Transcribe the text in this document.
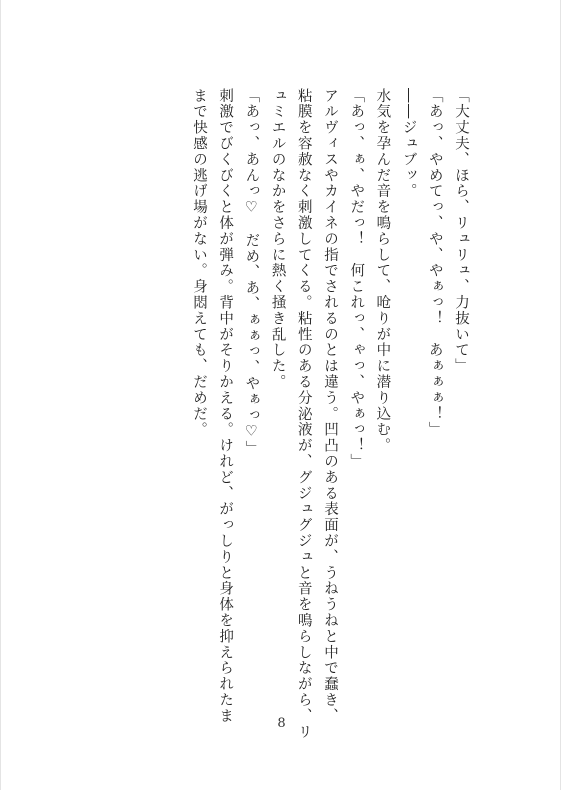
「大丈夫、ほら、リュリュ、力抜いて」
「あっ、やめてっ、や、やぁっ！　あぁぁぁ！」
――ジュブッ。
水気を孕んだ音を鳴らして、呛りが中に潜り込む。
「あっ、ぁ、やだっ！　何これっ、ゃっ、やぁっ！」
アルヴィスやカイネの指でされるのとは違う。凹凸のある表面が、うねうねと中で蠢き、
粘膜を容赦なく刺激してくる。粘性のある分泌液が、グジュグジュと音を鳴らしながら、リ
ュミエルのなかをさらに熱く掻き乱した。
「あっ、あんっ♡　だめ、あ、ぁぁっ、やぁっ♡」
刺激でびくびくと体が弾み。背中がそりかえる。けれど、がっしりと身体を抑えられたま
まで快感の逃げ場がない。身悶えても、だめだ。
8
